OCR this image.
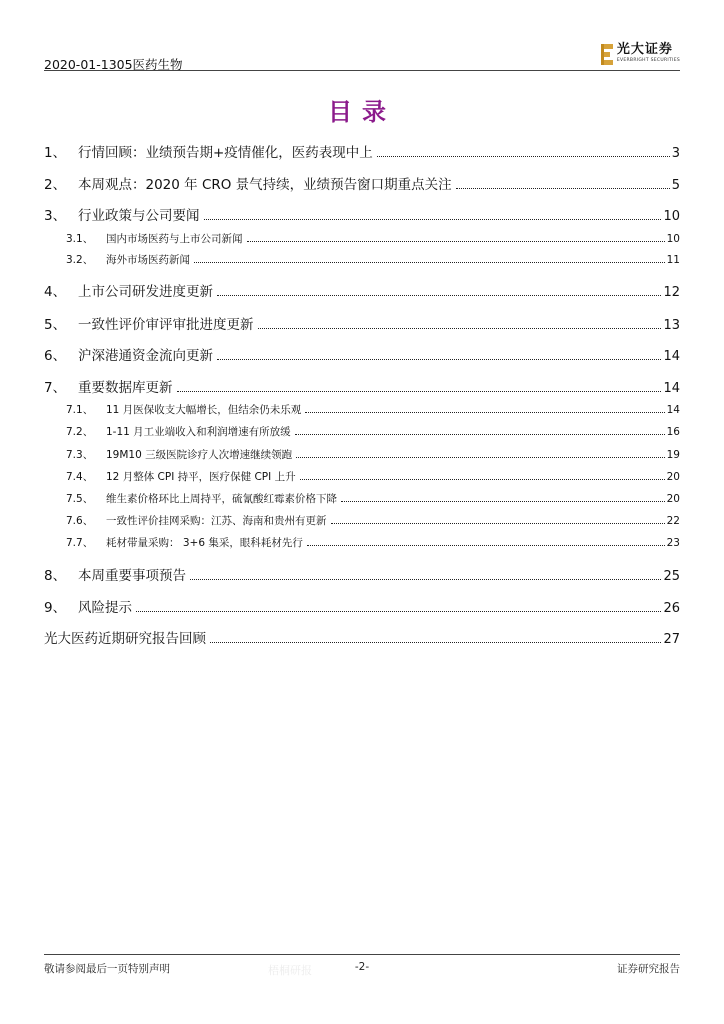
2020-01-1305医药生物
光大证券
EVERBRIGHT SECURITIES
目录
1、 行情回顾：业绩预告期+疫情催化，医药表现中上	3
2、 本周观点：2020 年 CRO 景气持续，业绩预告窗口期重点关注	5
3、 行业政策与公司要闻	10
3.1、	国内市场医药与上市公司新闻	10
3.2、	海外市场医药新闻	11
4、 上市公司研发进度更新	12
5、 一致性评价审评审批进度更新	13
6、 沪深港通资金流向更新	14
7、 重要数据库更新	14
7.1、	11 月医保收支大幅增长，但结余仍未乐观	14
7.2、	1-11 月工业端收入和利润增速有所放缓	16
7.3、	19M10 三级医院诊疗人次增速继续领跑	19
7.4、	12 月整体 CPI 持平，医疗保健 CPI 上升	20
7.5、	维生素价格环比上周持平，硫氰酸红霉素价格下降	20
7.6、	一致性评价挂网采购：江苏、海南和贵州有更新	22
7.7、	耗材带量采购： 3+6 集采，眼科耗材先行	23
8、 本周重要事项预告	25
9、 风险提示	26
光大医药近期研究报告回顾	27
敬请参阅最后一页特别声明	梧桐研报	-2-	证券研究报告
